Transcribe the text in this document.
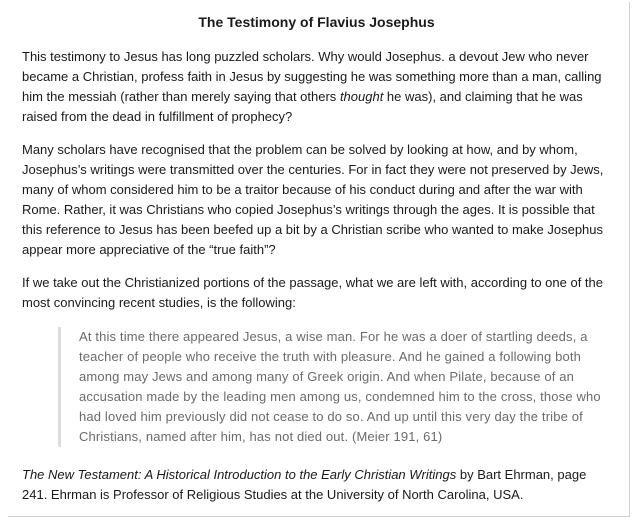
The Testimony of Flavius Josephus

This testimony to Jesus has long puzzled scholars. Why would Josephus. a devout Jew who never became a Christian, profess faith in Jesus by suggesting he was something more than a man, calling him the messiah (rather than merely saying that others thought he was), and claiming that he was raised from the dead in fulfillment of prophecy?

Many scholars have recognised that the problem can be solved by looking at how, and by whom, Josephus’s writings were transmitted over the centuries. For in fact they were not preserved by Jews, many of whom considered him to be a traitor because of his conduct during and after the war with Rome. Rather, it was Christians who copied Josephus’s writings through the ages. It is possible that this reference to Jesus has been beefed up a bit by a Christian scribe who wanted to make Josephus appear more appreciative of the “true faith”?

If we take out the Christianized portions of the passage, what we are left with, according to one of the most convincing recent studies, is the following:

At this time there appeared Jesus, a wise man. For he was a doer of startling deeds, a teacher of people who receive the truth with pleasure. And he gained a following both among may Jews and among many of Greek origin. And when Pilate, because of an accusation made by the leading men among us, condemned him to the cross, those who had loved him previously did not cease to do so. And up until this very day the tribe of Christians, named after him, has not died out. (Meier 191, 61)

The New Testament: A Historical Introduction to the Early Christian Writings by Bart Ehrman, page 241. Ehrman is Professor of Religious Studies at the University of North Carolina, USA.
